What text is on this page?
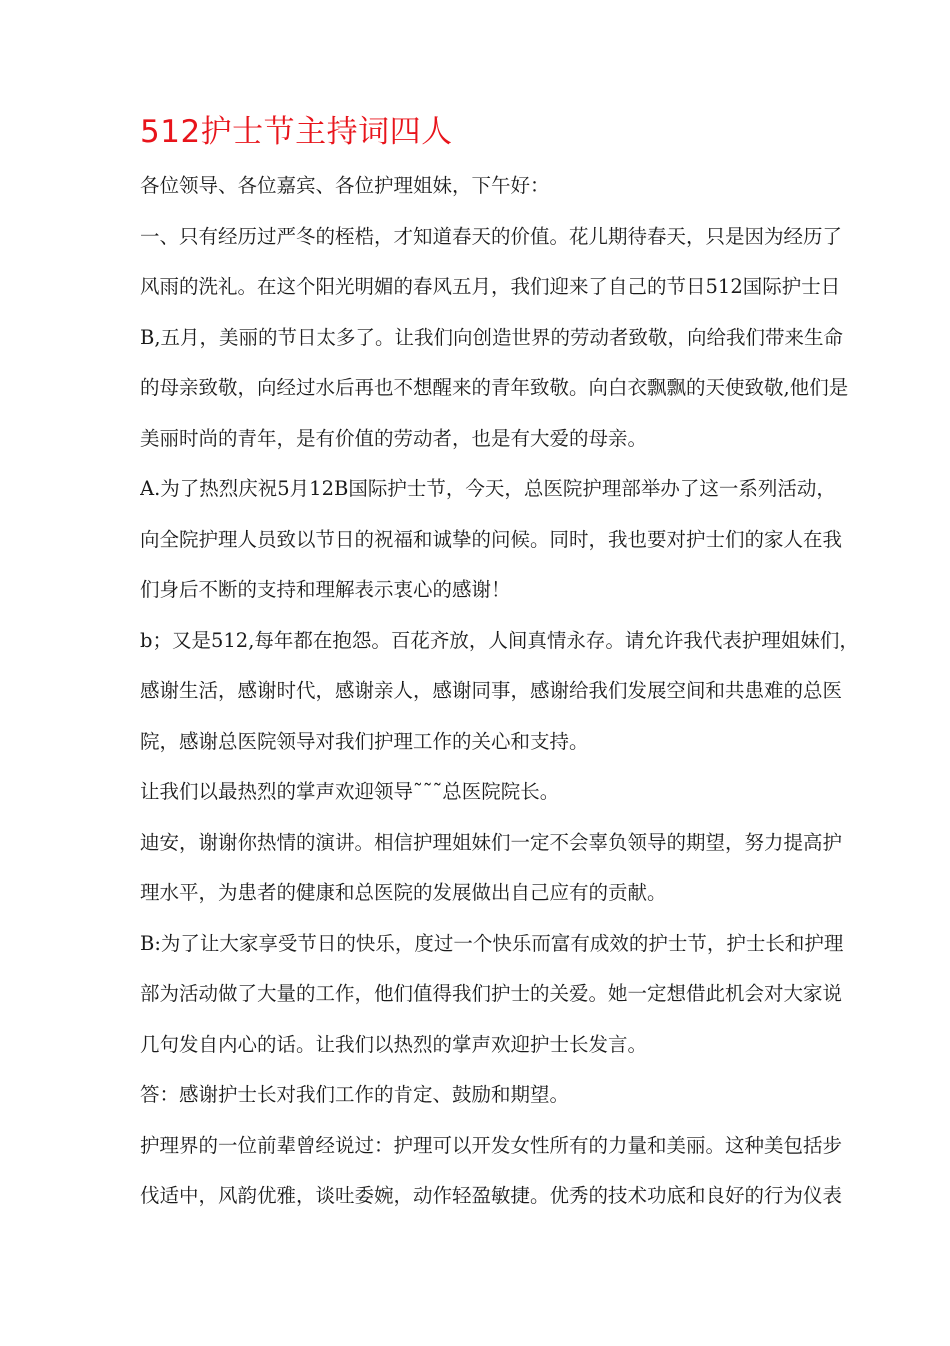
512护士节主持词四人

各位领导、各位嘉宾、各位护理姐妹，下午好：

一、只有经历过严冬的桎梏，才知道春天的价值。花儿期待春天，只是因为经历了
风雨的洗礼。在这个阳光明媚的春风五月，我们迎来了自己的节日512国际护士日
B,五月，美丽的节日太多了。让我们向创造世界的劳动者致敬，向给我们带来生命
的母亲致敬，向经过水后再也不想醒来的青年致敬。向白衣飘飘的天使致敬,他们是
美丽时尚的青年，是有价值的劳动者，也是有大爱的母亲。

A.为了热烈庆祝5月12B国际护士节，今天，总医院护理部举办了这一系列活动，
向全院护理人员致以节日的祝福和诚挚的问候。同时，我也要对护士们的家人在我
们身后不断的支持和理解表示衷心的感谢！

b；又是512,每年都在抱怨。百花齐放，人间真情永存。请允许我代表护理姐妹们，
感谢生活，感谢时代，感谢亲人，感谢同事，感谢给我们发展空间和共患难的总医
院，感谢总医院领导对我们护理工作的关心和支持。

让我们以最热烈的掌声欢迎领导˜˜˜总医院院长。

迪安，谢谢你热情的演讲。相信护理姐妹们一定不会辜负领导的期望，努力提高护
理水平，为患者的健康和总医院的发展做出自己应有的贡献。

B:为了让大家享受节日的快乐，度过一个快乐而富有成效的护士节，护士长和护理
部为活动做了大量的工作，他们值得我们护士的关爱。她一定想借此机会对大家说
几句发自内心的话。让我们以热烈的掌声欢迎护士长发言。

答：感谢护士长对我们工作的肯定、鼓励和期望。

护理界的一位前辈曾经说过：护理可以开发女性所有的力量和美丽。这种美包括步
伐适中，风韵优雅，谈吐委婉，动作轻盈敏捷。优秀的技术功底和良好的行为仪表
